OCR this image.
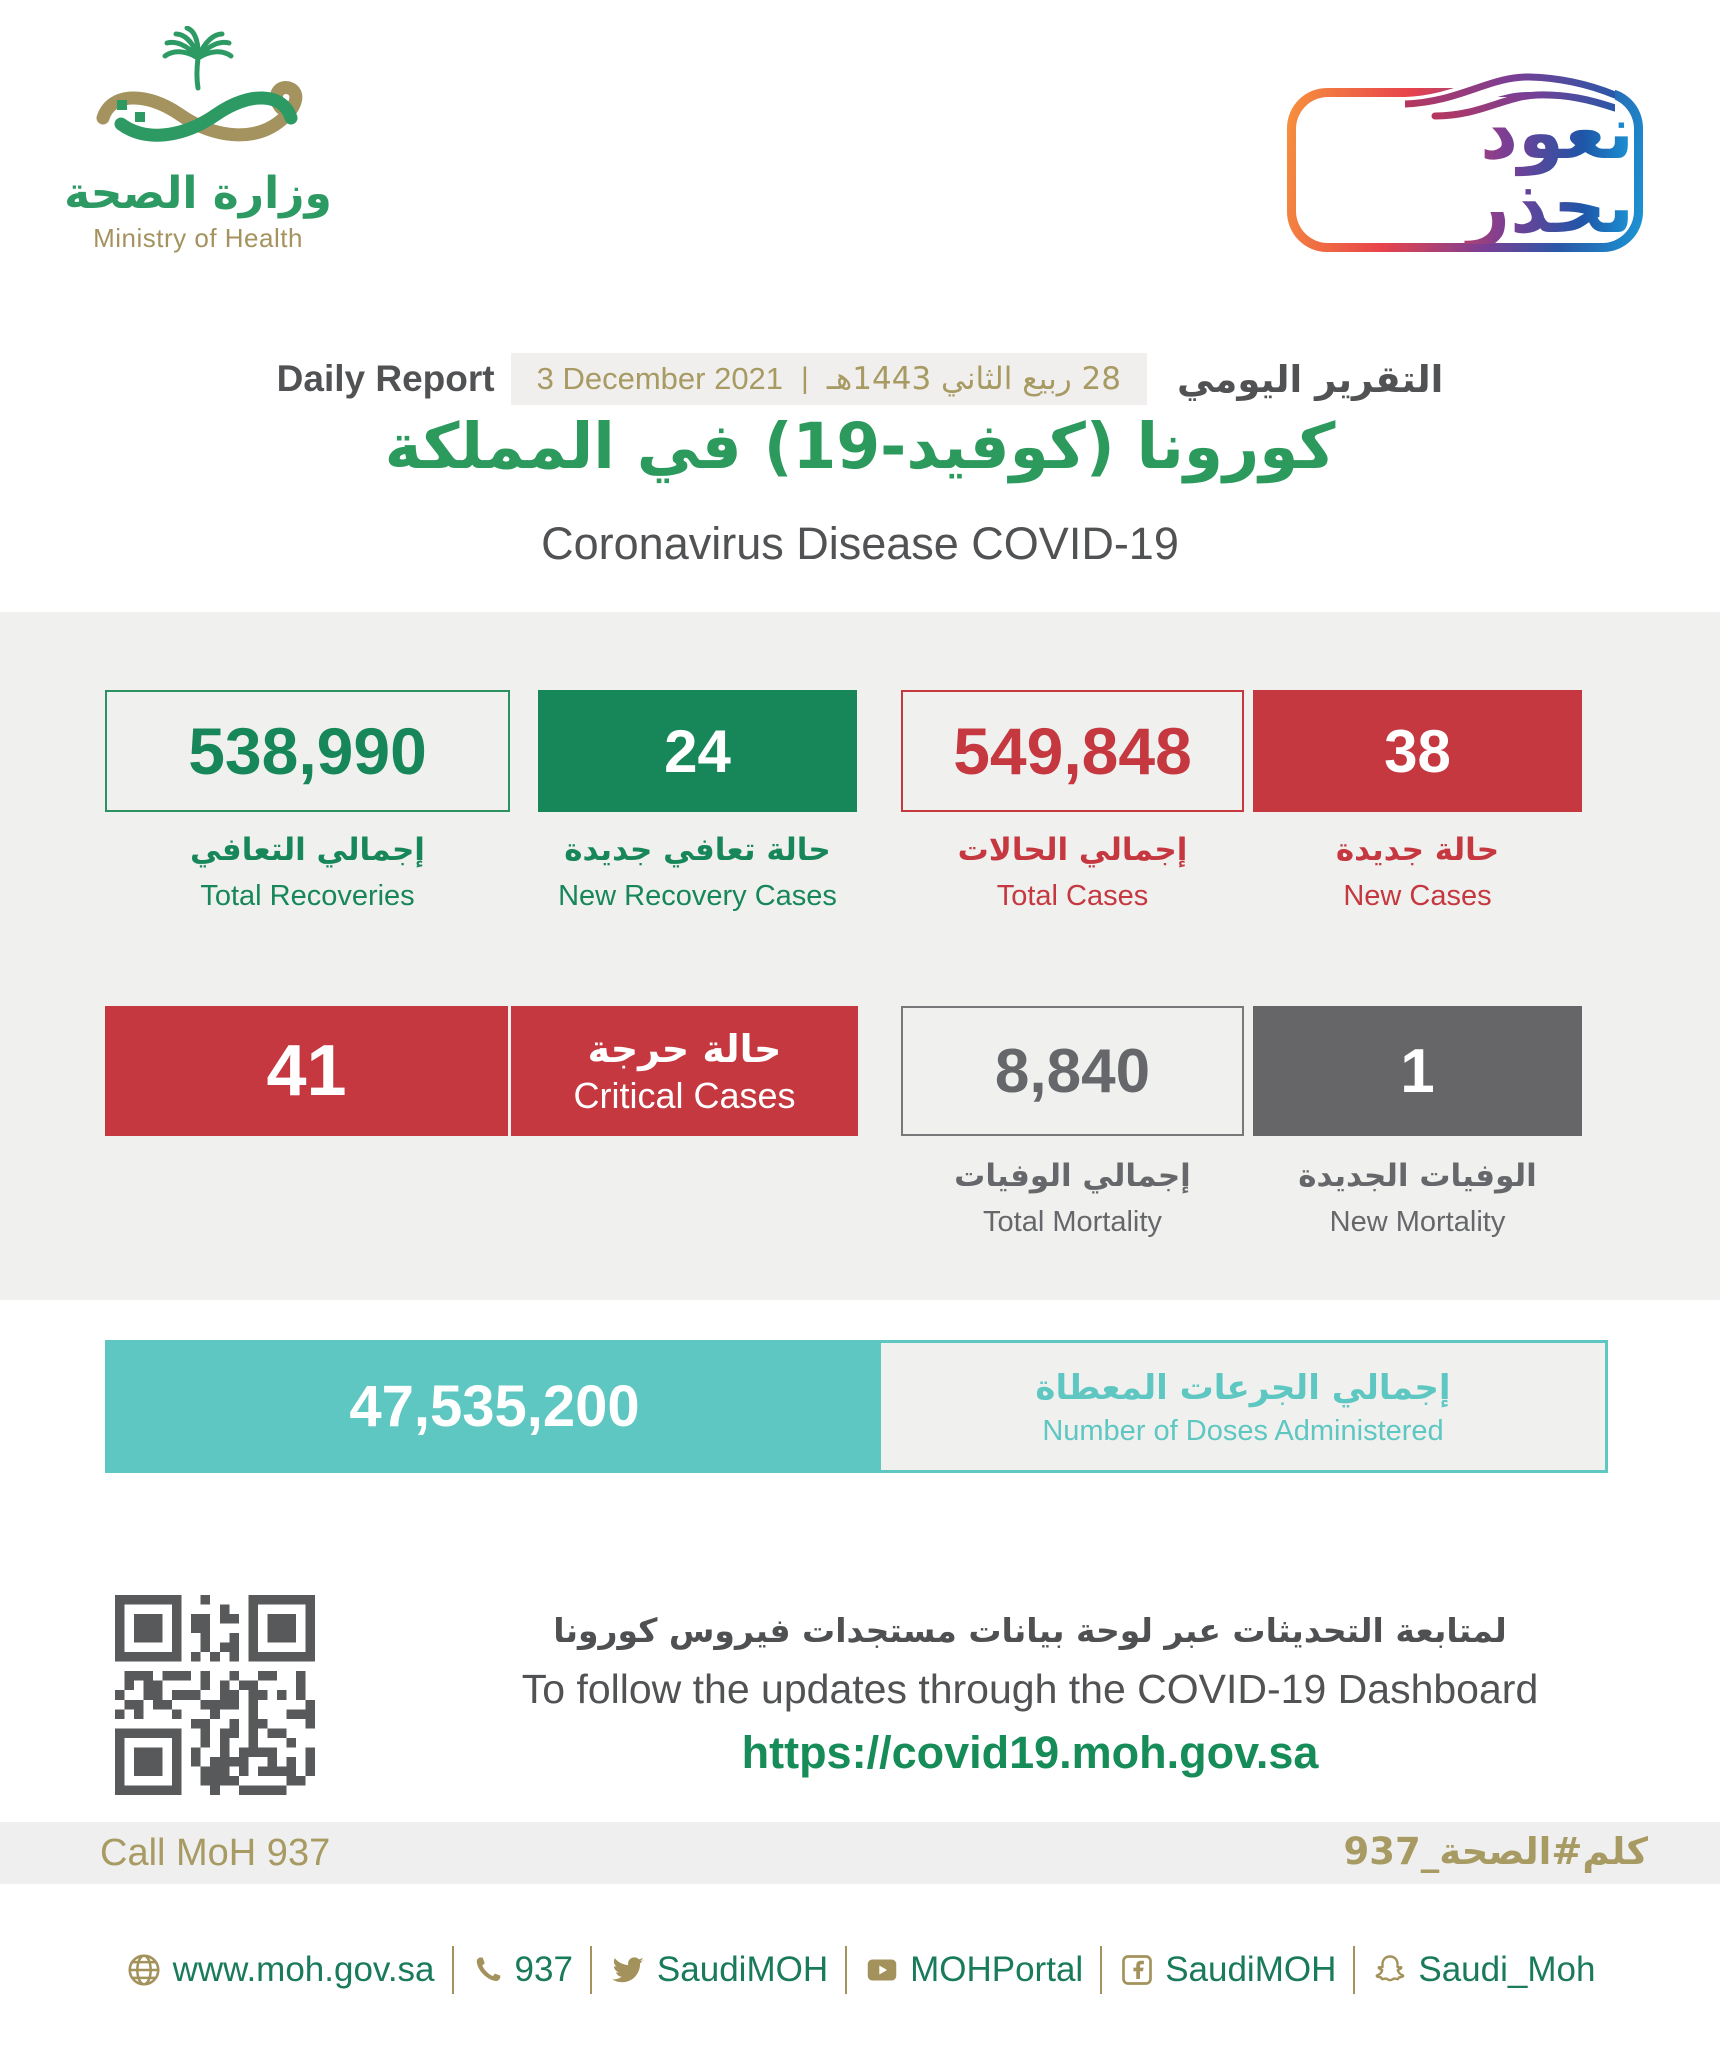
وزارة الصحة
Ministry of Health
نعود بحذر
Daily Report 3 December 2021 | 28 ربيع الثاني 1443هـ التقرير اليومي
كورونا (كوفيد-19) في المملكة
Coronavirus Disease COVID-19
538,990
إجمالي التعافي
Total Recoveries
24
حالة تعافي جديدة
New Recovery Cases
549,848
إجمالي الحالات
Total Cases
38
حالة جديدة
New Cases
41	حالة حرجة
Critical Cases	8,840
إجمالي الوفيات
Total Mortality
1
الوفيات الجديدة
New Mortality
47,535,200	إجمالي الجرعات المعطاة
Number of Doses Administered
لمتابعة التحديثات عبر لوحة بيانات مستجدات فيروس كورونا
To follow the updates through the COVID-19 Dashboard
https://covid19.moh.gov.sa
Call MoH 937	كلم#الصحة_937
www.moh.gov.sa 937 SaudiMOH MOHPortal SaudiMOH Saudi_Moh
